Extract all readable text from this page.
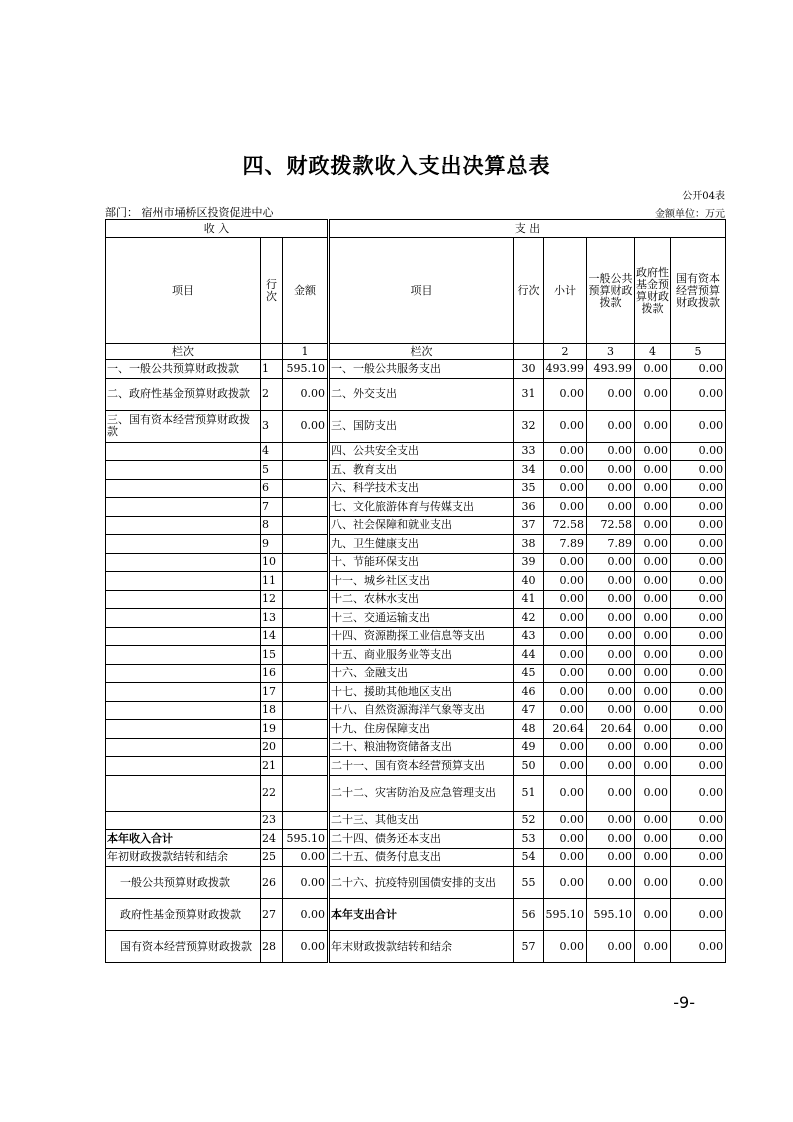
四、财政拨款收入支出决算总表
公开04表
部门： 宿州市埇桥区投资促进中心	金额单位：万元
收 入			支 出					
项目	行次	金额	项目	行次	小计	一般公共预算财政拨款	政府性基金预算财政拨款	国有资本经营预算财政拨款
栏次		1	栏次		2	3	4	5
一、一般公共预算财政拨款	1	595.10	一、一般公共服务支出	30	493.99	493.99	0.00	0.00
二、政府性基金预算财政拨款	2	0.00	二、外交支出	31	0.00	0.00	0.00	0.00
三、国有资本经营预算财政拨款	3	0.00	三、国防支出	32	0.00	0.00	0.00	0.00
	4		四、公共安全支出	33	0.00	0.00	0.00	0.00
	5		五、教育支出	34	0.00	0.00	0.00	0.00
	6		六、科学技术支出	35	0.00	0.00	0.00	0.00
	7		七、文化旅游体育与传媒支出	36	0.00	0.00	0.00	0.00
	8		八、社会保障和就业支出	37	72.58	72.58	0.00	0.00
	9		九、卫生健康支出	38	7.89	7.89	0.00	0.00
	10		十、节能环保支出	39	0.00	0.00	0.00	0.00
	11		十一、城乡社区支出	40	0.00	0.00	0.00	0.00
	12		十二、农林水支出	41	0.00	0.00	0.00	0.00
	13		十三、交通运输支出	42	0.00	0.00	0.00	0.00
	14		十四、资源勘探工业信息等支出	43	0.00	0.00	0.00	0.00
	15		十五、商业服务业等支出	44	0.00	0.00	0.00	0.00
	16		十六、金融支出	45	0.00	0.00	0.00	0.00
	17		十七、援助其他地区支出	46	0.00	0.00	0.00	0.00
	18		十八、自然资源海洋气象等支出	47	0.00	0.00	0.00	0.00
	19		十九、住房保障支出	48	20.64	20.64	0.00	0.00
	20		二十、粮油物资储备支出	49	0.00	0.00	0.00	0.00
	21		二十一、国有资本经营预算支出	50	0.00	0.00	0.00	0.00
	22		二十二、灾害防治及应急管理支出	51	0.00	0.00	0.00	0.00
	23		二十三、其他支出	52	0.00	0.00	0.00	0.00
本年收入合计	24	595.10	二十四、债务还本支出	53	0.00	0.00	0.00	0.00
年初财政拨款结转和结余	25	0.00	二十五、债务付息支出	54	0.00	0.00	0.00	0.00
一般公共预算财政拨款	26	0.00	二十六、抗疫特别国债安排的支出	55	0.00	0.00	0.00	0.00
政府性基金预算财政拨款	27	0.00	本年支出合计	56	595.10	595.10	0.00	0.00
国有资本经营预算财政拨款	28	0.00	年末财政拨款结转和结余	57	0.00	0.00	0.00	0.00
-9-
